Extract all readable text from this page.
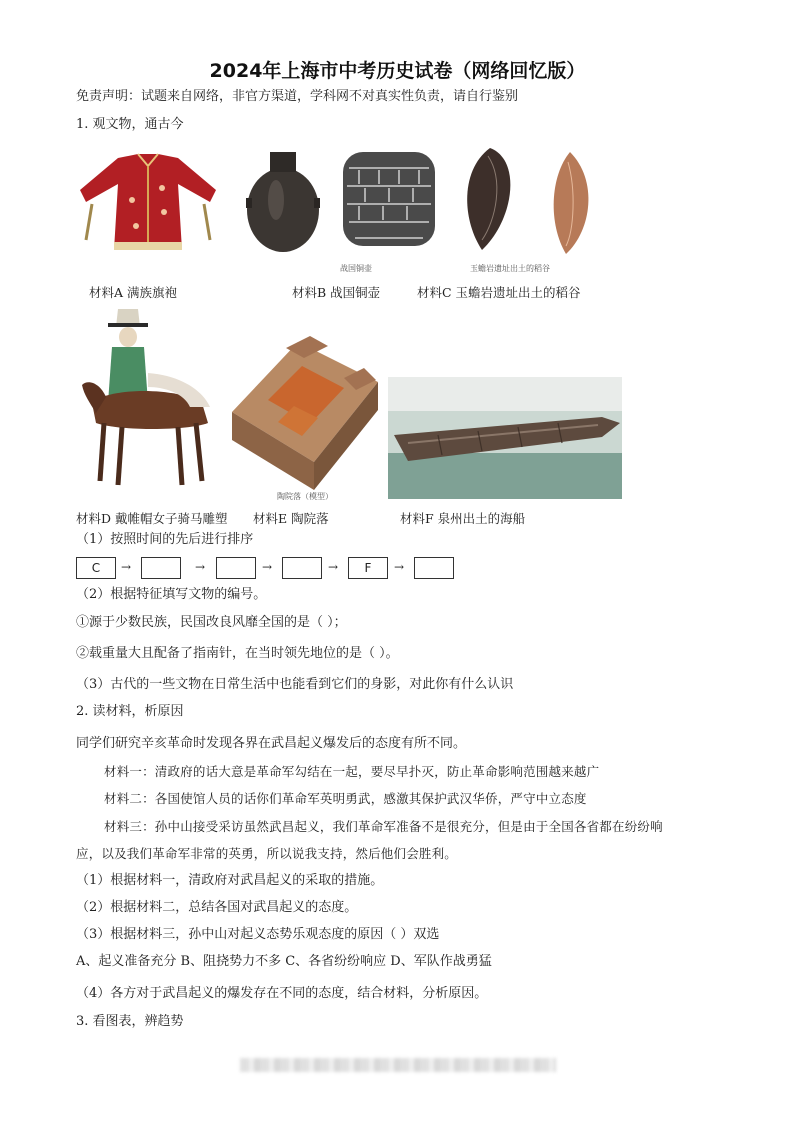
2024年上海市中考历史试卷（网络回忆版）
免责声明：试题来自网络，非官方渠道，学科网不对真实性负责，请自行鉴别
1. 观文物，通古今
材料A 满族旗袍
战国铜壶	玉蟾岩遗址出土的稻谷
材料B 战国铜壶	材料C 玉蟾岩遗址出土的稻谷
陶院落（模型）
材料D 戴帷帽女子骑马雕塑 材料E 陶院落	材料F 泉州出土的海船
（1）按照时间的先后进行排序
C	→	→	→	→	F	→
（2）根据特征填写文物的编号。
①源于少数民族，民国改良风靡全国的是（ ）；
②载重量大且配备了指南针，在当时领先地位的是（ ）。
（3）古代的一些文物在日常生活中也能看到它们的身影，对此你有什么认识
2. 读材料，析原因
同学们研究辛亥革命时发现各界在武昌起义爆发后的态度有所不同。
材料一：清政府的话大意是革命军勾结在一起，要尽早扑灭，防止革命影响范围越来越广
材料二：各国使馆人员的话你们革命军英明勇武，感激其保护武汉华侨，严守中立态度
材料三：孙中山接受采访虽然武昌起义，我们革命军准备不是很充分，但是由于全国各省都在纷纷响
应，以及我们革命军非常的英勇，所以说我支持，然后他们会胜利。
（1）根据材料一，清政府对武昌起义的采取的措施。
（2）根据材料二，总结各国对武昌起义的态度。
（3）根据材料三，孙中山对起义态势乐观态度的原因（ ）双选
A、起义准备充分 B、阻挠势力不多 C、各省纷纷响应 D、军队作战勇猛
（4）各方对于武昌起义的爆发存在不同的态度，结合材料，分析原因。
3. 看图表，辨趋势
